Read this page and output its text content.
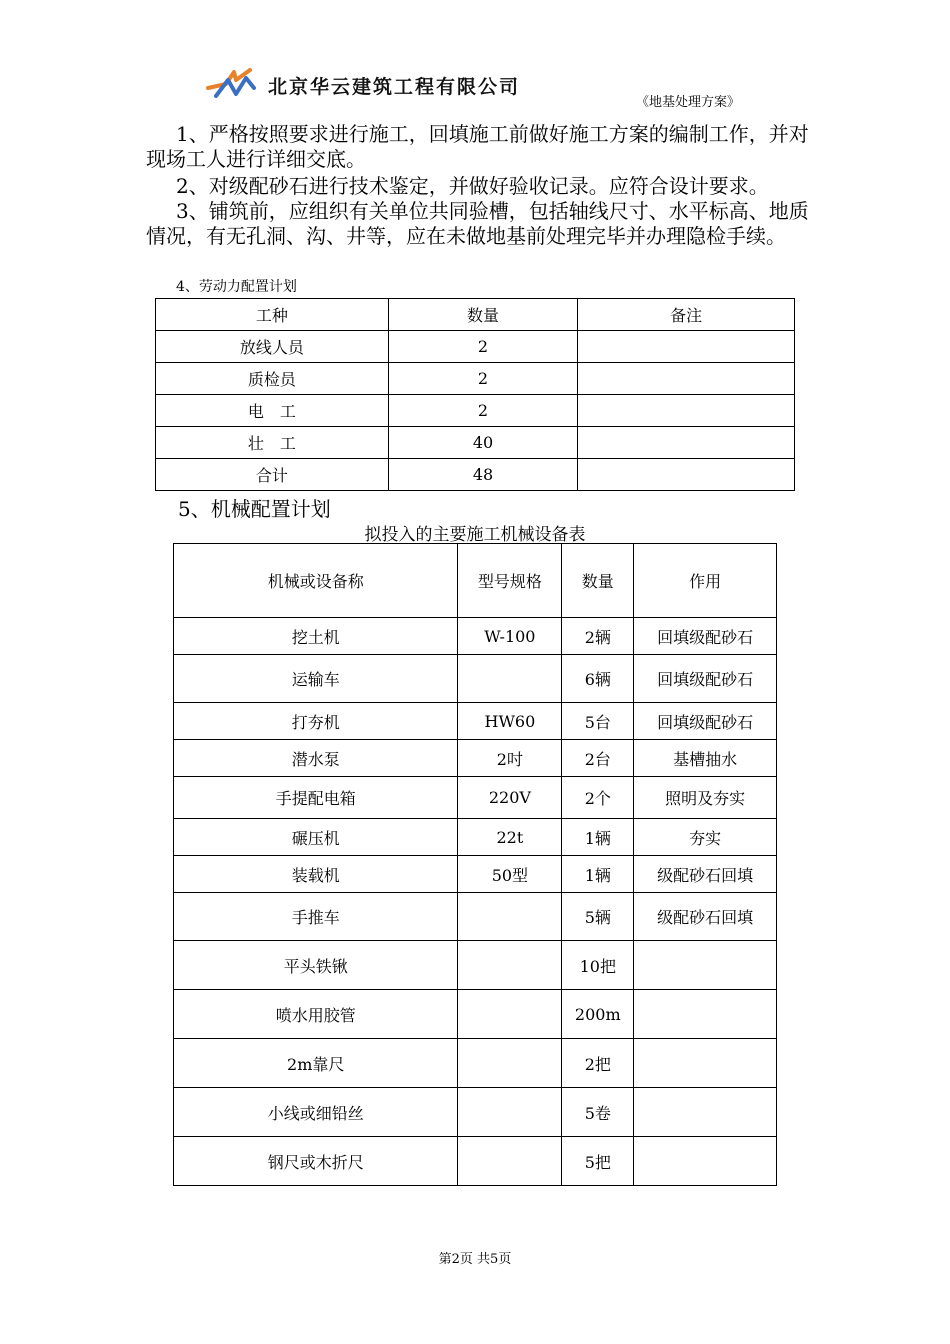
北京华云建筑工程有限公司
《地基处理方案》

1、严格按照要求进行施工，回填施工前做好施工方案的编制工作，并对现场工人进行详细交底。

2、对级配砂石进行技术鉴定，并做好验收记录。应符合设计要求。

3、铺筑前，应组织有关单位共同验槽，包括轴线尺寸、水平标高、地质情况，有无孔洞、沟、井等，应在未做地基前处理完毕并办理隐检手续。

4、劳动力配置计划
工种	数量	备注
放线人员	2	
质检员	2	
电　工	2	
壮　工	40	
合计	48	
5、机械配置计划
拟投入的主要施工机械设备表
机械或设备称	型号规格	数量	作用
挖土机	W-100	2辆	回填级配砂石
运输车		6辆	回填级配砂石
打夯机	HW60	5台	回填级配砂石
潜水泵	2吋	2台	基槽抽水
手提配电箱	220V	2个	照明及夯实
碾压机	22t	1辆	夯实
装载机	50型	1辆	级配砂石回填
手推车		5辆	级配砂石回填
平头铁锹		10把	
喷水用胶管		200m	
2m靠尺		2把	
小线或细铅丝		5卷	
钢尺或木折尺		5把	
第2页 共5页
